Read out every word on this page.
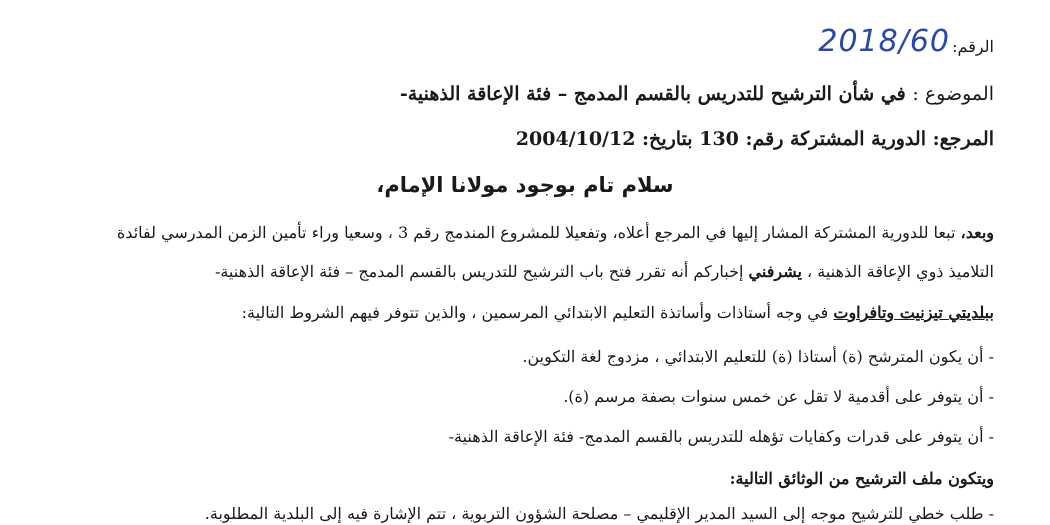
الرقم:
2018/60
الموضوع : في شأن الترشيح للتدريس بالقسم المدمج – فئة الإعاقة الذهنية-
المرجع: الدورية المشتركة رقم: 130 بتاريخ: 2004/10/12
سلام تام بوجود مولانا الإمام،
وبعد، تبعا للدورية المشتركة المشار إليها في المرجع أعلاه، وتفعيلا للمشروع المندمج رقم 3 ، وسعيا وراء تأمين الزمن المدرسي لفائدة
التلاميذ ذوي الإعاقة الذهنية ، يشرفني إخباركم أنه تقرر فتح باب الترشيح للتدريس بالقسم المدمج – فئة الإعاقة الذهنية-
ببلديتي تيزنيت وتافراوت في وجه أستاذات وأساتذة التعليم الابتدائي المرسمين ، والذين تتوفر فيهم الشروط التالية:
- أن يكون المترشح (ة) أستاذا (ة) للتعليم الابتدائي ، مزدوج لغة التكوين.
- أن يتوفر على أقدمية لا تقل عن خمس سنوات بصفة مرسم (ة).
- أن يتوفر على قدرات وكفايات تؤهله للتدريس بالقسم المدمج- فئة الإعاقة الذهنية-
ويتكون ملف الترشيح من الوثائق التالية:
- طلب خطي للترشيح موجه إلى السيد المدير الإقليمي – مصلحة الشؤون التربوية ، تتم الإشارة فيه إلى البلدية المطلوبة.
